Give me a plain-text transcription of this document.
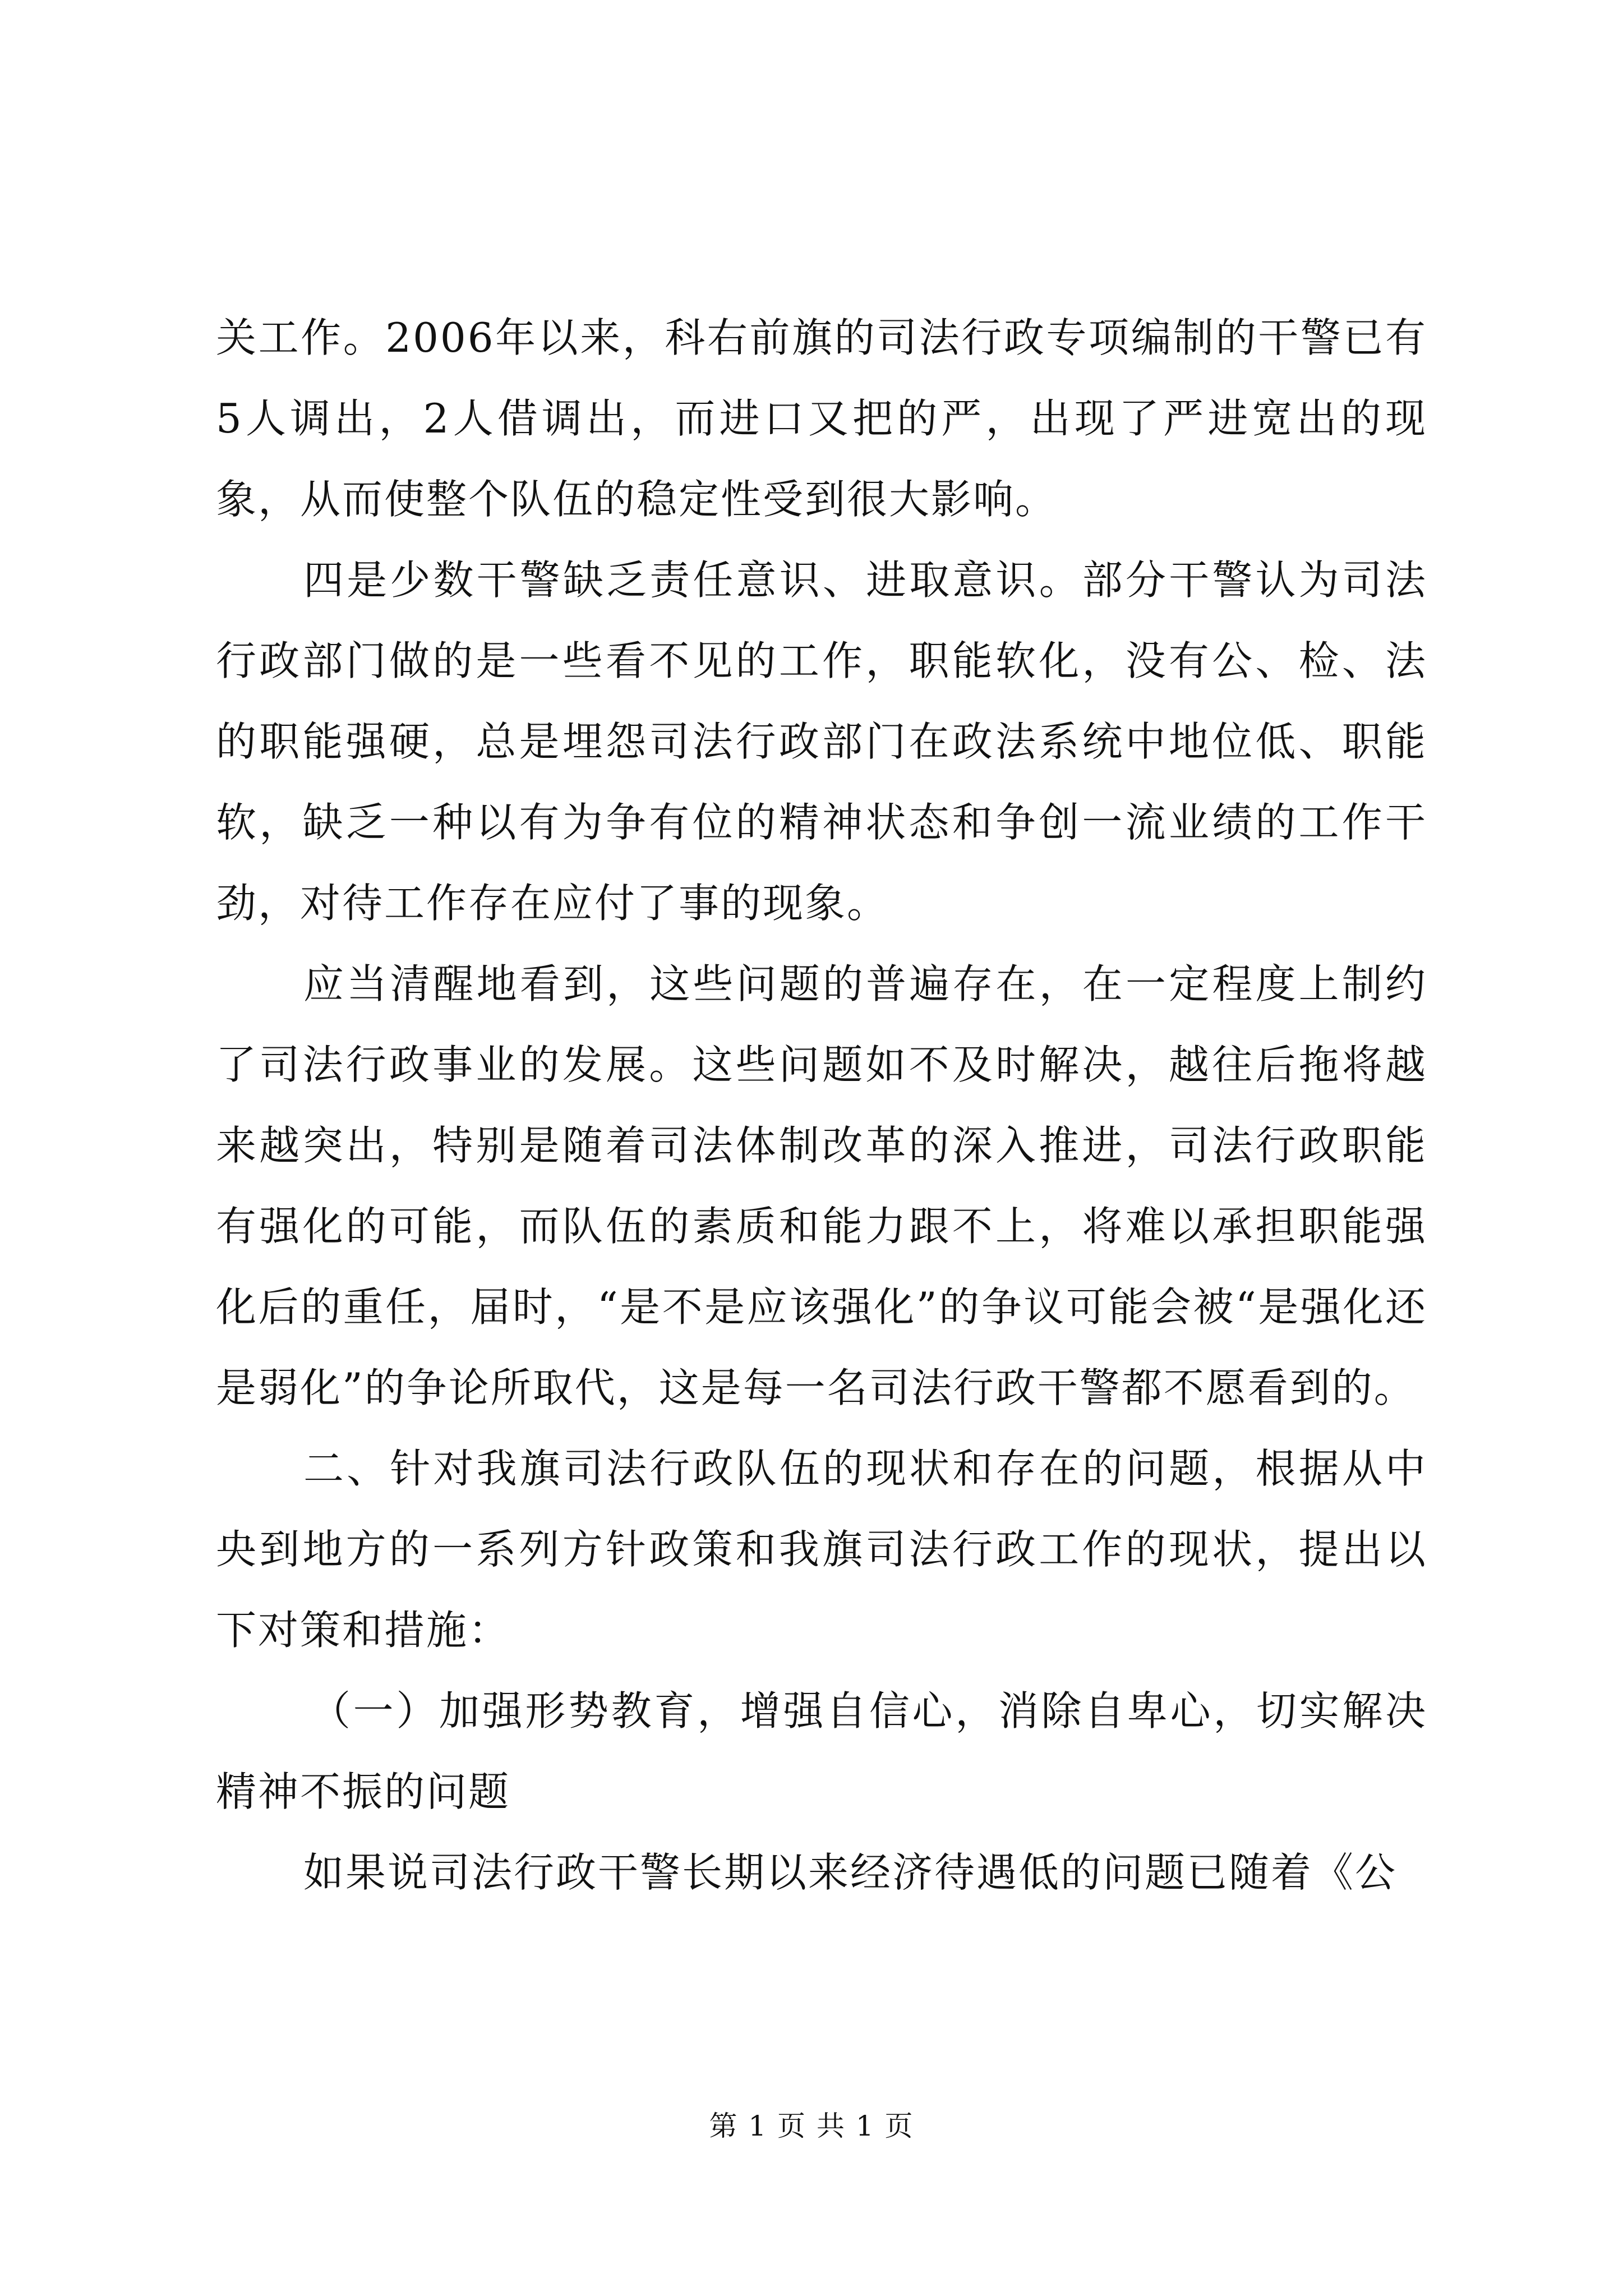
关工作。2006年以来，科右前旗的司法行政专项编制的干警已有5人调出，2人借调出，而进口又把的严，出现了严进宽出的现象，从而使整个队伍的稳定性受到很大影响。

四是少数干警缺乏责任意识、进取意识。部分干警认为司法行政部门做的是一些看不见的工作，职能软化，没有公、检、法的职能强硬，总是埋怨司法行政部门在政法系统中地位低、职能软，缺乏一种以有为争有位的精神状态和争创一流业绩的工作干劲，对待工作存在应付了事的现象。

应当清醒地看到，这些问题的普遍存在，在一定程度上制约了司法行政事业的发展。这些问题如不及时解决，越往后拖将越来越突出，特别是随着司法体制改革的深入推进，司法行政职能有强化的可能，而队伍的素质和能力跟不上，将难以承担职能强化后的重任，届时，“是不是应该强化”的争议可能会被“是强化还是弱化”的争论所取代，这是每一名司法行政干警都不愿看到的。

二、针对我旗司法行政队伍的现状和存在的问题，根据从中央到地方的一系列方针政策和我旗司法行政工作的现状，提出以下对策和措施：

（一）加强形势教育，增强自信心，消除自卑心，切实解决精神不振的问题

如果说司法行政干警长期以来经济待遇低的问题已随着《公

第 1 页 共 1 页
